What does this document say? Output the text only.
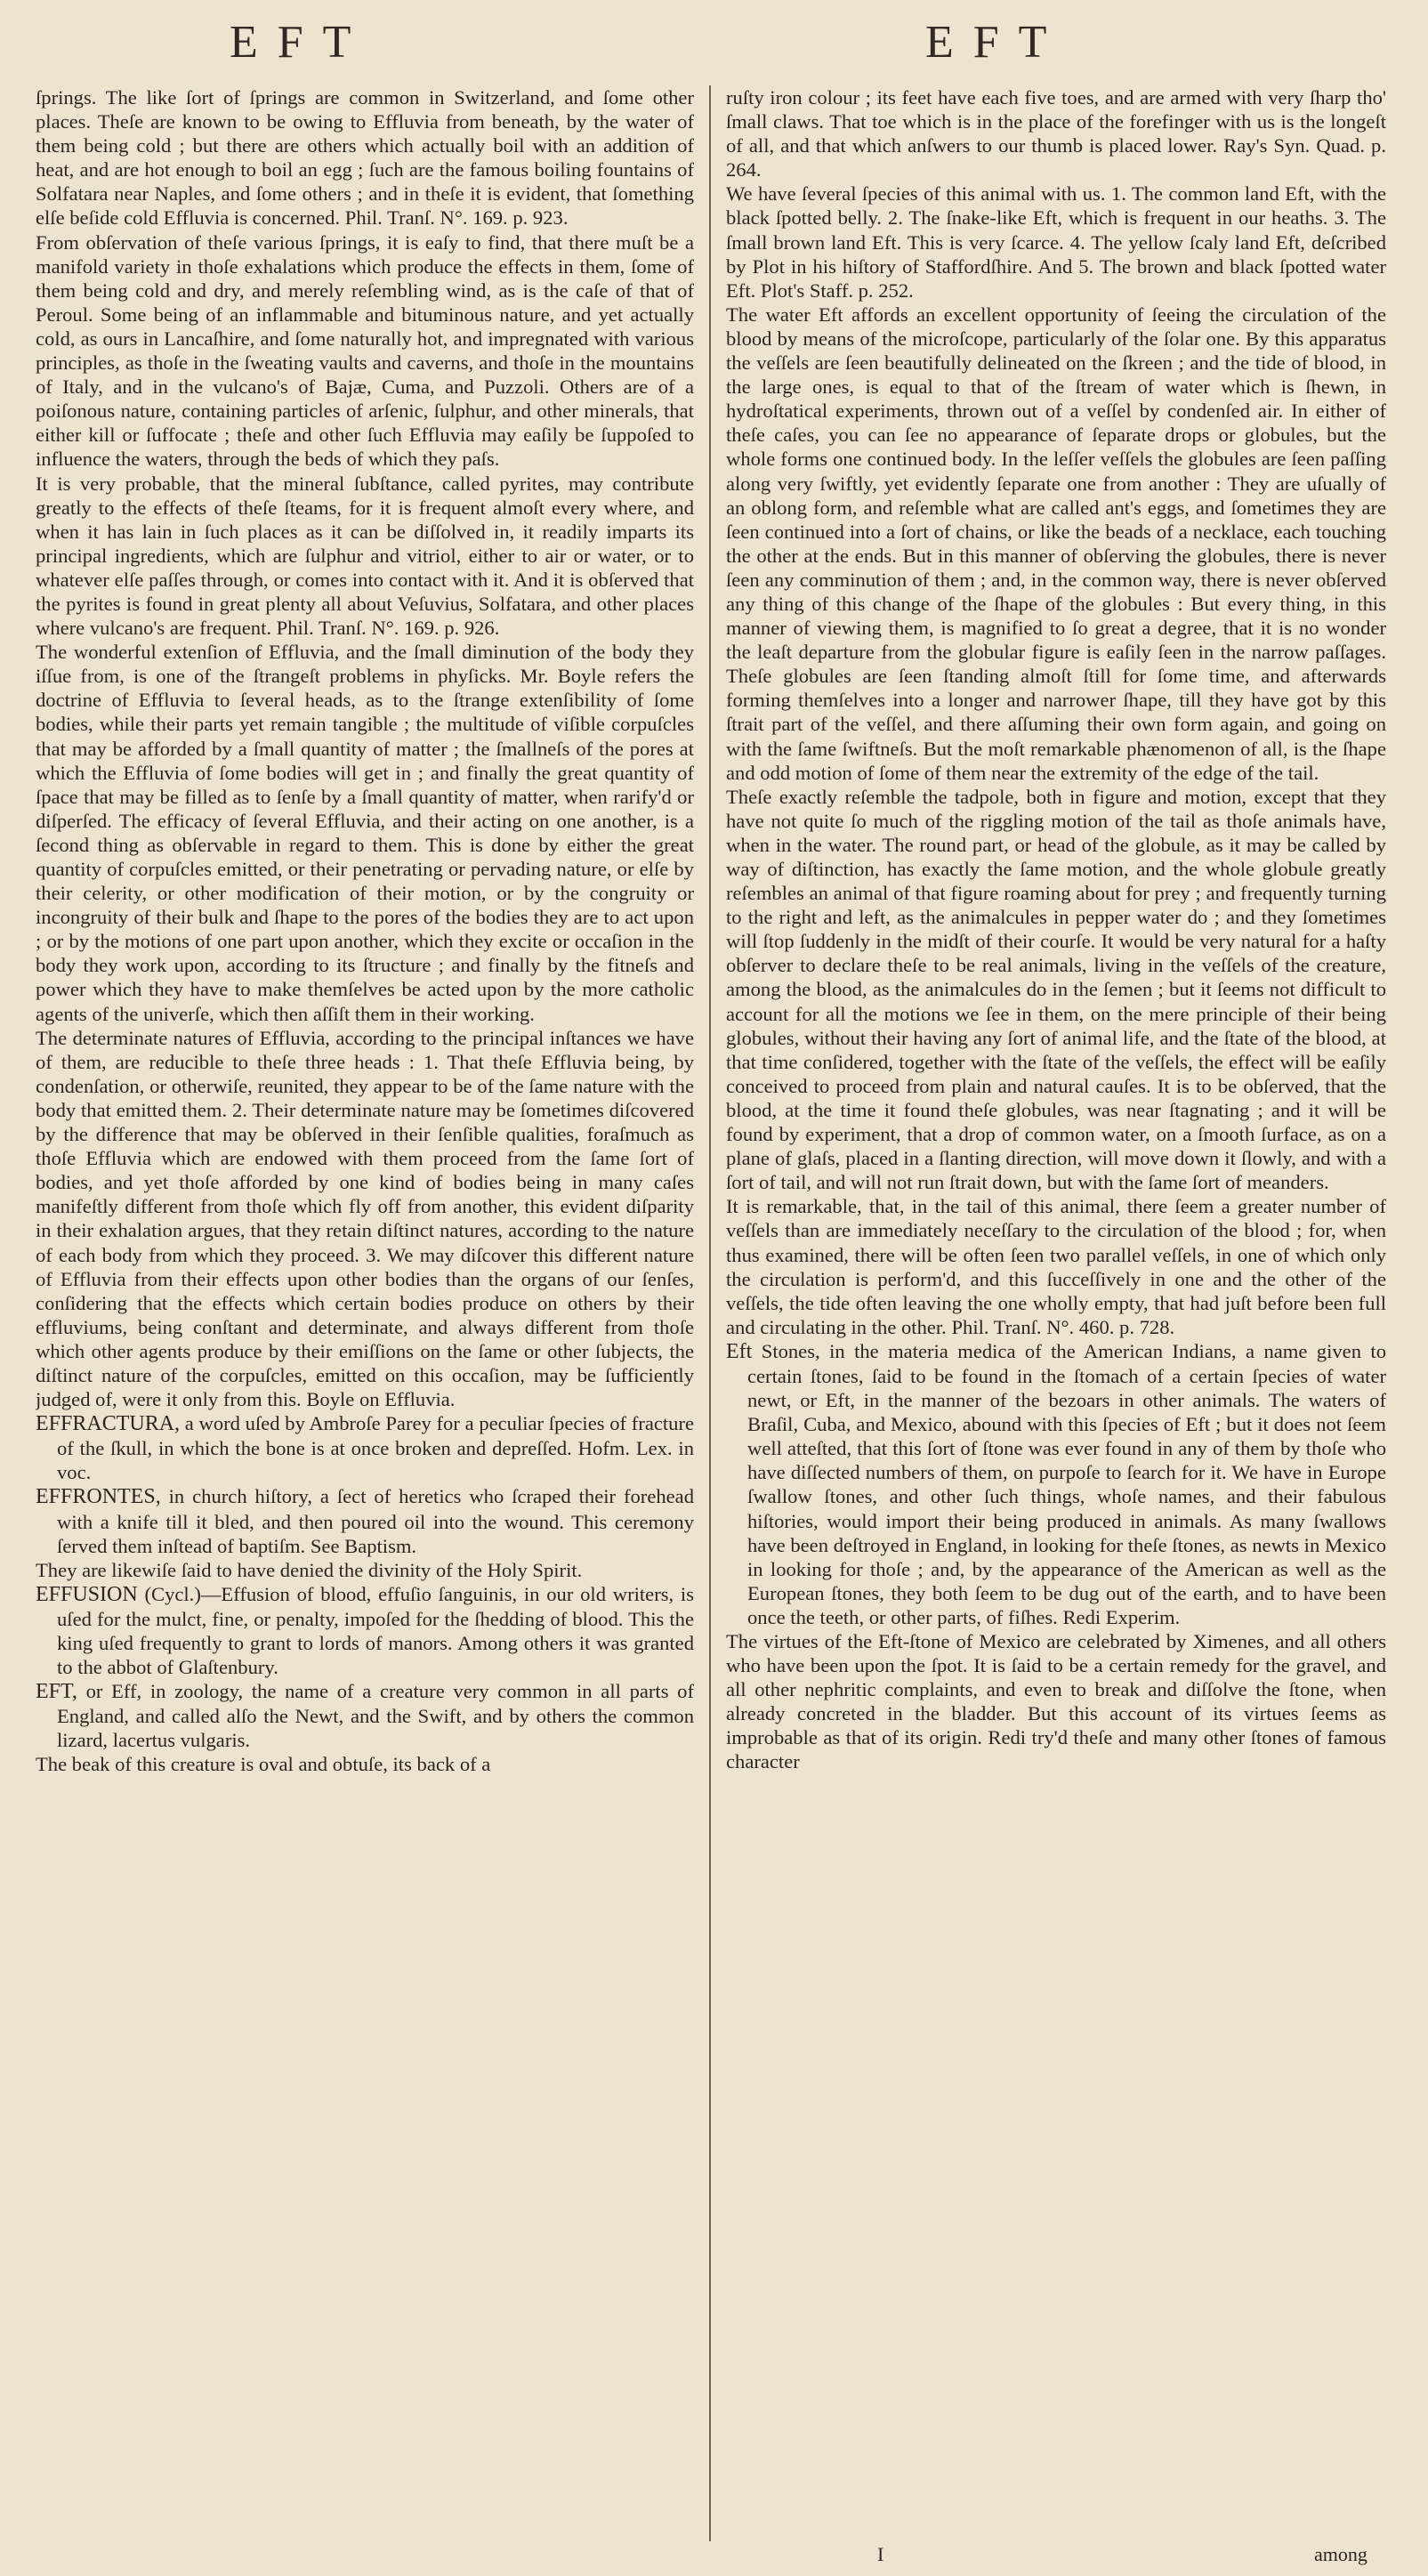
EFT	EFT

ſprings. The like ſort of ſprings are common in Switzerland, and ſome other places. Theſe are known to be owing to Effluvia from beneath, by the water of them being cold ; but there are others which actually boil with an addition of heat, and are hot enough to boil an egg ; ſuch are the famous boiling fountains of Solfatara near Naples, and ſome others ; and in theſe it is evident, that ſomething elſe beſide cold Effluvia is concerned. Phil. Tranſ. N°. 169. p. 923.

From obſervation of theſe various ſprings, it is eaſy to find, that there muſt be a manifold variety in thoſe exhalations which produce the effects in them, ſome of them being cold and dry, and merely reſembling wind, as is the caſe of that of Peroul. Some being of an inflammable and bituminous nature, and yet actually cold, as ours in Lancaſhire, and ſome naturally hot, and impregnated with various principles, as thoſe in the ſweating vaults and caverns, and thoſe in the mountains of Italy, and in the vulcano's of Bajæ, Cuma, and Puzzoli. Others are of a poiſonous nature, containing particles of arſenic, ſulphur, and other minerals, that either kill or ſuffocate ; theſe and other ſuch Effluvia may eaſily be ſuppoſed to influence the waters, through the beds of which they paſs.

It is very probable, that the mineral ſubſtance, called pyrites, may contribute greatly to the effects of theſe ſteams, for it is frequent almoſt every where, and when it has lain in ſuch places as it can be diſſolved in, it readily imparts its principal ingredients, which are ſulphur and vitriol, either to air or water, or to whatever elſe paſſes through, or comes into contact with it. And it is obſerved that the pyrites is found in great plenty all about Veſuvius, Solfatara, and other places where vulcano's are frequent. Phil. Tranſ. N°. 169. p. 926.

The wonderful extenſion of Effluvia, and the ſmall diminution of the body they iſſue from, is one of the ſtrangeſt problems in phyſicks. Mr. Boyle refers the doctrine of Effluvia to ſeveral heads, as to the ſtrange extenſibility of ſome bodies, while their parts yet remain tangible ; the multitude of viſible corpuſcles that may be afforded by a ſmall quantity of matter ; the ſmallneſs of the pores at which the Effluvia of ſome bodies will get in ; and finally the great quantity of ſpace that may be filled as to ſenſe by a ſmall quantity of matter, when rarify'd or diſperſed. The efficacy of ſeveral Effluvia, and their acting on one another, is a ſecond thing as obſervable in regard to them. This is done by either the great quantity of corpuſcles emitted, or their penetrating or pervading nature, or elſe by their celerity, or other modification of their motion, or by the congruity or incongruity of their bulk and ſhape to the pores of the bodies they are to act upon ; or by the motions of one part upon another, which they excite or occaſion in the body they work upon, according to its ſtructure ; and finally by the fitneſs and power which they have to make themſelves be acted upon by the more catholic agents of the univerſe, which then aſſiſt them in their working.

The determinate natures of Effluvia, according to the principal inſtances we have of them, are reducible to theſe three heads : 1. That theſe Effluvia being, by condenſation, or otherwiſe, reunited, they appear to be of the ſame nature with the body that emitted them. 2. Their determinate nature may be ſometimes diſcovered by the difference that may be obſerved in their ſenſible qualities, foraſmuch as thoſe Effluvia which are endowed with them proceed from the ſame ſort of bodies, and yet thoſe afforded by one kind of bodies being in many caſes manifeſtly different from thoſe which fly off from another, this evident diſparity in their exhalation argues, that they retain diſtinct natures, according to the nature of each body from which they proceed. 3. We may diſcover this different nature of Effluvia from their effects upon other bodies than the organs of our ſenſes, conſidering that the effects which certain bodies produce on others by their effluviums, being conſtant and determinate, and always different from thoſe which other agents produce by their emiſſions on the ſame or other ſubjects, the diſtinct nature of the corpuſcles, emitted on this occaſion, may be ſufficiently judged of, were it only from this. Boyle on Effluvia.

EFFRACTURA, a word uſed by Ambroſe Parey for a peculiar ſpecies of fracture of the ſkull, in which the bone is at once broken and depreſſed. Hofm. Lex. in voc.

EFFRONTES, in church hiſtory, a ſect of heretics who ſcraped their forehead with a knife till it bled, and then poured oil into the wound. This ceremony ſerved them inſtead of baptiſm. See Baptism.

They are likewiſe ſaid to have denied the divinity of the Holy Spirit.

EFFUSION (Cycl.)—Effusion of blood, effuſio ſanguinis, in our old writers, is uſed for the mulct, fine, or penalty, impoſed for the ſhedding of blood. This the king uſed frequently to grant to lords of manors. Among others it was granted to the abbot of Glaſtenbury.

EFT, or Eff, in zoology, the name of a creature very common in all parts of England, and called alſo the Newt, and the Swift, and by others the common lizard, lacertus vulgaris.

The beak of this creature is oval and obtuſe, its back of a

ruſty iron colour ; its feet have each five toes, and are armed with very ſharp tho' ſmall claws. That toe which is in the place of the forefinger with us is the longeſt of all, and that which anſwers to our thumb is placed lower. Ray's Syn. Quad. p. 264.

We have ſeveral ſpecies of this animal with us. 1. The common land Eft, with the black ſpotted belly. 2. The ſnake-like Eft, which is frequent in our heaths. 3. The ſmall brown land Eft. This is very ſcarce. 4. The yellow ſcaly land Eft, deſcribed by Plot in his hiſtory of Staffordſhire. And 5. The brown and black ſpotted water Eft. Plot's Staff. p. 252.

The water Eft affords an excellent opportunity of ſeeing the circulation of the blood by means of the microſcope, particularly of the ſolar one. By this apparatus the veſſels are ſeen beautifully delineated on the ſkreen ; and the tide of blood, in the large ones, is equal to that of the ſtream of water which is ſhewn, in hydroſtatical experiments, thrown out of a veſſel by condenſed air. In either of theſe caſes, you can ſee no appearance of ſeparate drops or globules, but the whole forms one continued body. In the leſſer veſſels the globules are ſeen paſſing along very ſwiftly, yet evidently ſeparate one from another : They are uſually of an oblong form, and reſemble what are called ant's eggs, and ſometimes they are ſeen continued into a ſort of chains, or like the beads of a necklace, each touching the other at the ends. But in this manner of obſerving the globules, there is never ſeen any comminution of them ; and, in the common way, there is never obſerved any thing of this change of the ſhape of the globules : But every thing, in this manner of viewing them, is magnified to ſo great a degree, that it is no wonder the leaſt departure from the globular figure is eaſily ſeen in the narrow paſſages. Theſe globules are ſeen ſtanding almoſt ſtill for ſome time, and afterwards forming themſelves into a longer and narrower ſhape, till they have got by this ſtrait part of the veſſel, and there aſſuming their own form again, and going on with the ſame ſwiftneſs. But the moſt remarkable phænomenon of all, is the ſhape and odd motion of ſome of them near the extremity of the edge of the tail.

Theſe exactly reſemble the tadpole, both in figure and motion, except that they have not quite ſo much of the riggling motion of the tail as thoſe animals have, when in the water. The round part, or head of the globule, as it may be called by way of diſtinction, has exactly the ſame motion, and the whole globule greatly reſembles an animal of that figure roaming about for prey ; and frequently turning to the right and left, as the animalcules in pepper water do ; and they ſometimes will ſtop ſuddenly in the midſt of their courſe. It would be very natural for a haſty obſerver to declare theſe to be real animals, living in the veſſels of the creature, among the blood, as the animalcules do in the ſemen ; but it ſeems not difficult to account for all the motions we ſee in them, on the mere principle of their being globules, without their having any ſort of animal life, and the ſtate of the blood, at that time conſidered, together with the ſtate of the veſſels, the effect will be eaſily conceived to proceed from plain and natural cauſes. It is to be obſerved, that the blood, at the time it found theſe globules, was near ſtagnating ; and it will be found by experiment, that a drop of common water, on a ſmooth ſurface, as on a plane of glaſs, placed in a ſlanting direction, will move down it ſlowly, and with a ſort of tail, and will not run ſtrait down, but with the ſame ſort of meanders.

It is remarkable, that, in the tail of this animal, there ſeem a greater number of veſſels than are immediately neceſſary to the circulation of the blood ; for, when thus examined, there will be often ſeen two parallel veſſels, in one of which only the circulation is perform'd, and this ſucceſſively in one and the other of the veſſels, the tide often leaving the one wholly empty, that had juſt before been full and circulating in the other. Phil. Tranſ. N°. 460. p. 728.

Eft Stones, in the materia medica of the American Indians, a name given to certain ſtones, ſaid to be found in the ſtomach of a certain ſpecies of water newt, or Eft, in the manner of the bezoars in other animals. The waters of Braſil, Cuba, and Mexico, abound with this ſpecies of Eft ; but it does not ſeem well atteſted, that this ſort of ſtone was ever found in any of them by thoſe who have diſſected numbers of them, on purpoſe to ſearch for it. We have in Europe ſwallow ſtones, and other ſuch things, whoſe names, and their fabulous hiſtories, would import their being produced in animals. As many ſwallows have been deſtroyed in England, in looking for theſe ſtones, as newts in Mexico in looking for thoſe ; and, by the appearance of the American as well as the European ſtones, they both ſeem to be dug out of the earth, and to have been once the teeth, or other parts, of fiſhes. Redi Experim.

The virtues of the Eft-ſtone of Mexico are celebrated by Ximenes, and all others who have been upon the ſpot. It is ſaid to be a certain remedy for the gravel, and all other nephritic complaints, and even to break and diſſolve the ſtone, when already concreted in the bladder. But this account of its virtues ſeems as improbable as that of its origin. Redi try'd theſe and many other ſtones of famous character

I	among
